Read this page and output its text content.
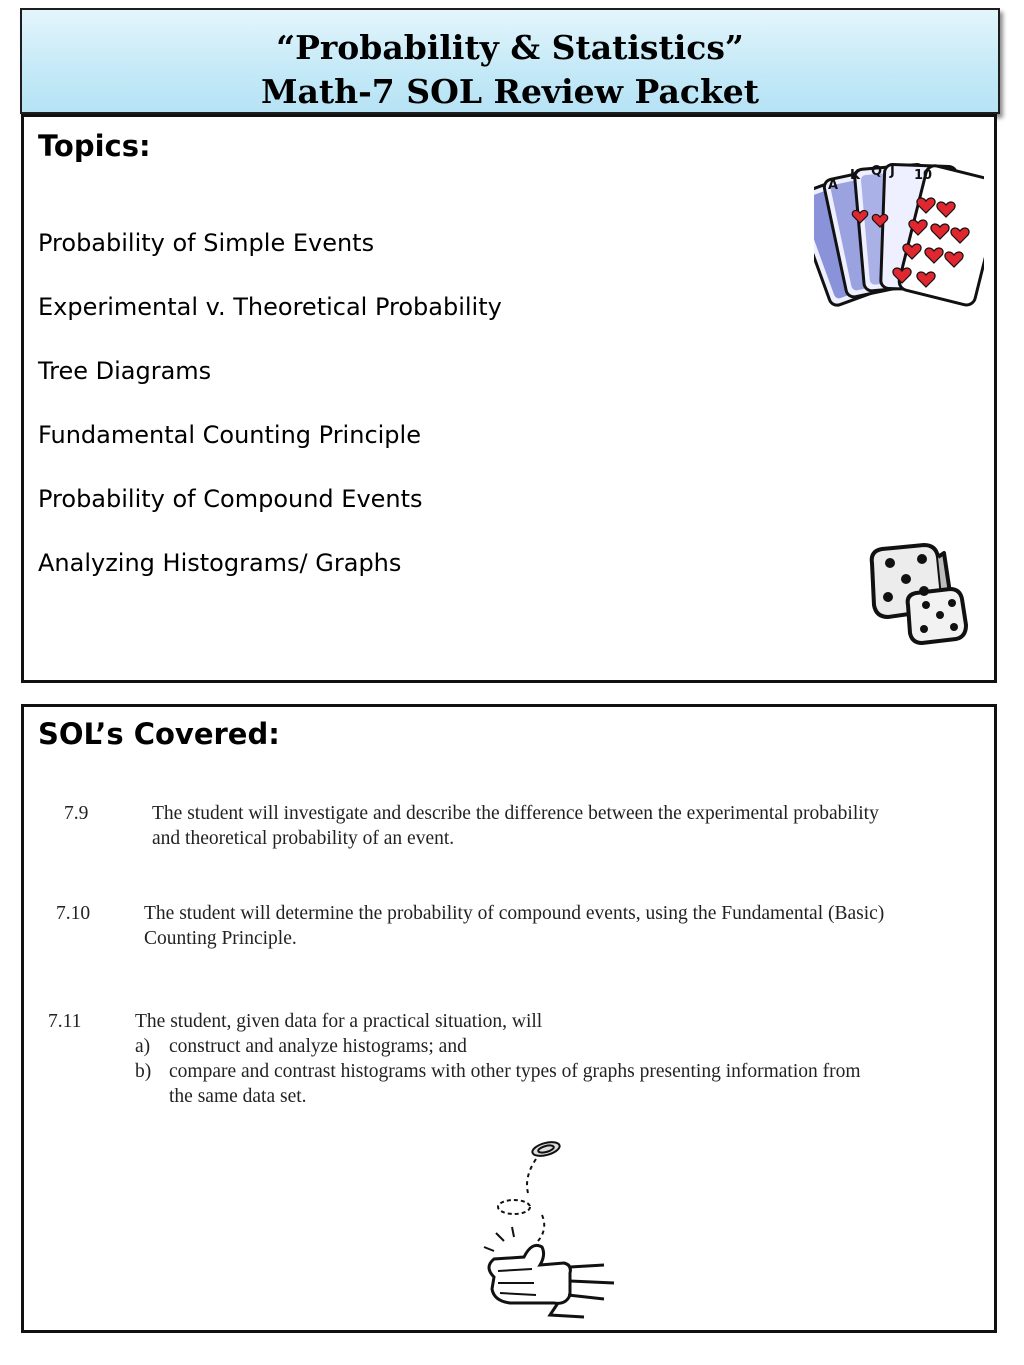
“Probability & Statistics”
Math-7 SOL Review Packet
Topics:
Probability of Simple Events
Experimental v. Theoretical Probability
Tree Diagrams
Fundamental Counting Principle
Probability of Compound Events
Analyzing Histograms/ Graphs
A
K Q J 10
SOL’s Covered:
7.9	The student will investigate and describe the difference between the experimental probability
and theoretical probability of an event.
7.10	The student will determine the probability of compound events, using the Fundamental (Basic)
Counting Principle.
7.11	The student, given data for a practical situation, will
a) construct and analyze histograms; and
b) compare and contrast histograms with other types of graphs presenting information from
the same data set.
